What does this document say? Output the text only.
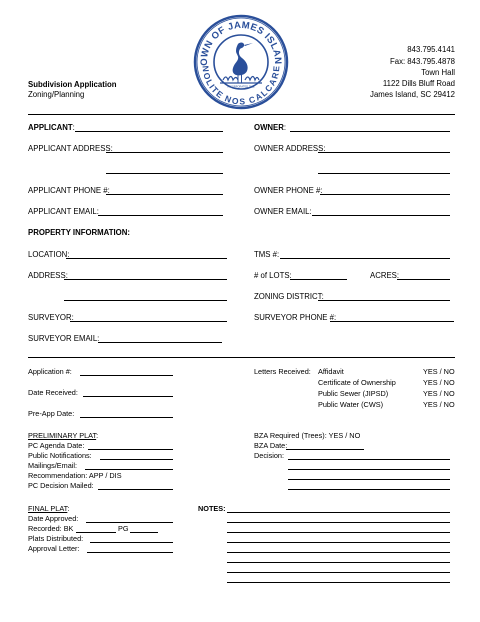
OWN OF JAMES ISLAN
NOLITE NOS CALCARE
INCORPORATED 2012
Subdivision Application
Zoning/Planning
843.795.4141
Fax: 843.795.4878
Town Hall
1122 Dills Bluff Road
James Island, SC 29412
APPLICANT:	OWNER:
APPLICANT ADDRESS:	OWNER ADDRESS:
APPLICANT PHONE #:	OWNER PHONE #:
APPLICANT EMAIL:	OWNER EMAIL:
PROPERTY INFORMATION:
LOCATION:	TMS #:
ADDRESS:	# of LOTS:	ACRES:
ZONING DISTRICT:
SURVEYOR:	SURVEYOR PHONE #:
SURVEYOR EMAIL:
Application #:
Date Received:
Pre-App Date:
Letters Received: Affidavit	YES / NO
Certificate of Ownership	YES / NO
Public Sewer (JIPSD)	YES / NO
Public Water (CWS)	YES / NO
PRELIMINARY PLAT:
PC Agenda Date:
Public Notifications:
Mailings/Email:
Recommendation: APP / DIS
PC Decision Mailed:
BZA Required (Trees): YES / NO
BZA Date:
Decision:
FINAL PLAT:
Date Approved:
Recorded: BK	PG
Plats Distributed:
Approval Letter:
NOTES:
